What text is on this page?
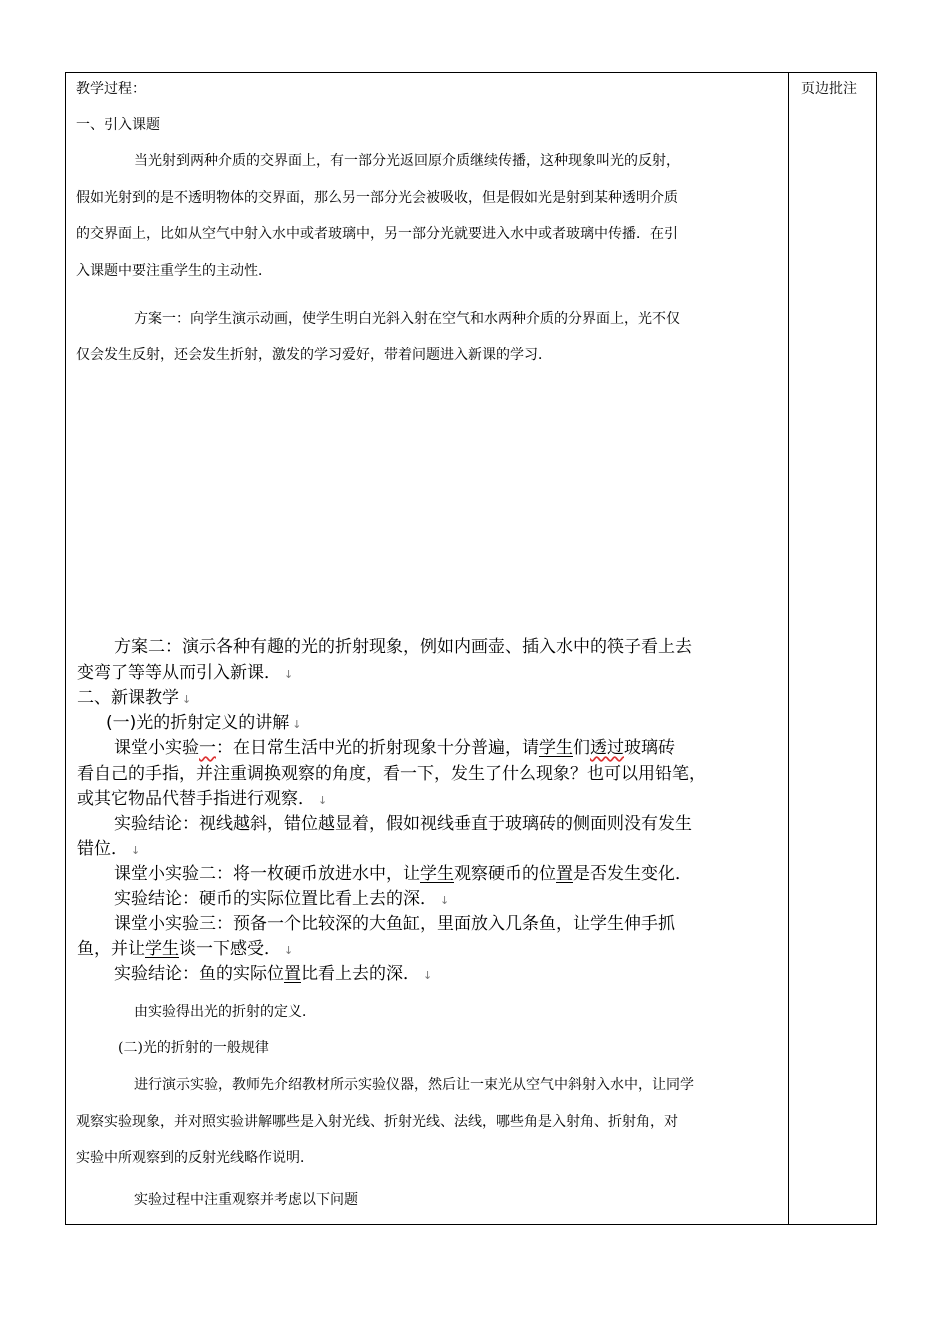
教学过程：
一、引入课题
当光射到两种介质的交界面上，有一部分光返回原介质继续传播，这种现象叫光的反射，
假如光射到的是不透明物体的交界面，那么另一部分光会被吸收，但是假如光是射到某种透明介质
的交界面上，比如从空气中射入水中或者玻璃中，另一部分光就要进入水中或者玻璃中传播．在引
入课题中要注重学生的主动性．
方案一：向学生演示动画，使学生明白光斜入射在空气和水两种介质的分界面上，光不仅
仅会发生反射，还会发生折射，激发的学习爱好，带着问题进入新课的学习．
方案二：演示各种有趣的光的折射现象，例如内画壶、插入水中的筷子看上去
变弯了等等从而引入新课． ↓
二、新课教学 ↓
(一)光的折射定义的讲解 ↓
课堂小实验一：在日常生活中光的折射现象十分普遍，请学生们透过玻璃砖
看自己的手指，并注重调换观察的角度，看一下，发生了什么现象？也可以用铅笔，
或其它物品代替手指进行观察． ↓
实验结论：视线越斜，错位越显着，假如视线垂直于玻璃砖的侧面则没有发生
错位． ↓
课堂小实验二：将一枚硬币放进水中，让学生观察硬币的位置是否发生变化．
实验结论：硬币的实际位置比看上去的深． ↓
课堂小实验三：预备一个比较深的大鱼缸，里面放入几条鱼，让学生伸手抓
鱼，并让学生谈一下感受． ↓
实验结论：鱼的实际位置比看上去的深． ↓
由实验得出光的折射的定义．
(二)光的折射的一般规律
进行演示实验，教师先介绍教材所示实验仪器，然后让一束光从空气中斜射入水中，让同学
观察实验现象，并对照实验讲解哪些是入射光线、折射光线、法线，哪些角是入射角、折射角，对
实验中所观察到的反射光线略作说明．
实验过程中注重观察并考虑以下问题
页边批注
